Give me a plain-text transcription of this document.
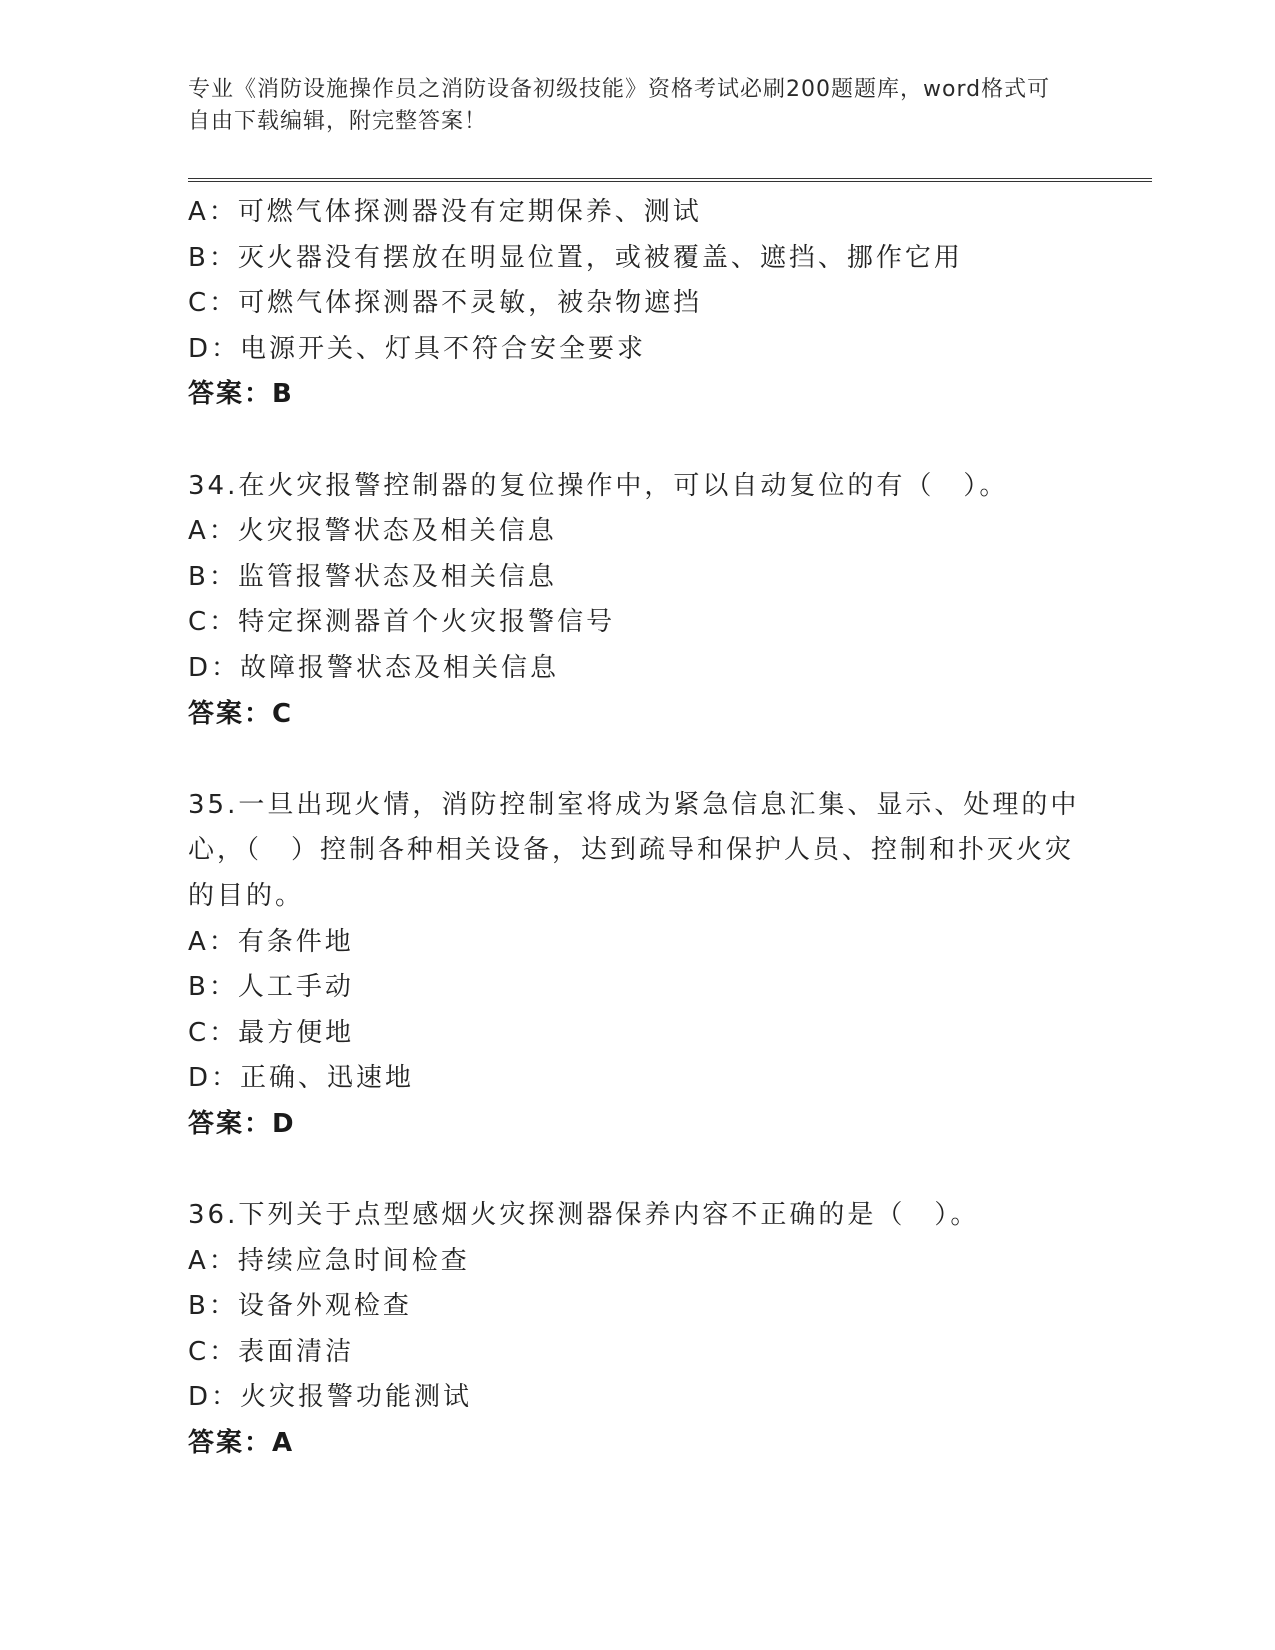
专业《消防设施操作员之消防设备初级技能》资格考试必刷200题题库，word格式可自由下载编辑，附完整答案！

A：可燃气体探测器没有定期保养、测试

B：灭火器没有摆放在明显位置，或被覆盖、遮挡、挪作它用

C：可燃气体探测器不灵敏，被杂物遮挡

D：电源开关、灯具不符合安全要求

答案：B

34.在火灾报警控制器的复位操作中，可以自动复位的有（　）。

A：火灾报警状态及相关信息

B：监管报警状态及相关信息

C：特定探测器首个火灾报警信号

D：故障报警状态及相关信息

答案：C

35.一旦出现火情，消防控制室将成为紧急信息汇集、显示、处理的中心，（　）控制各种相关设备，达到疏导和保护人员、控制和扑灭火灾的目的。

A：有条件地

B：人工手动

C：最方便地

D：正确、迅速地

答案：D

36.下列关于点型感烟火灾探测器保养内容不正确的是（　）。

A：持续应急时间检查

B：设备外观检查

C：表面清洁

D：火灾报警功能测试

答案：A
